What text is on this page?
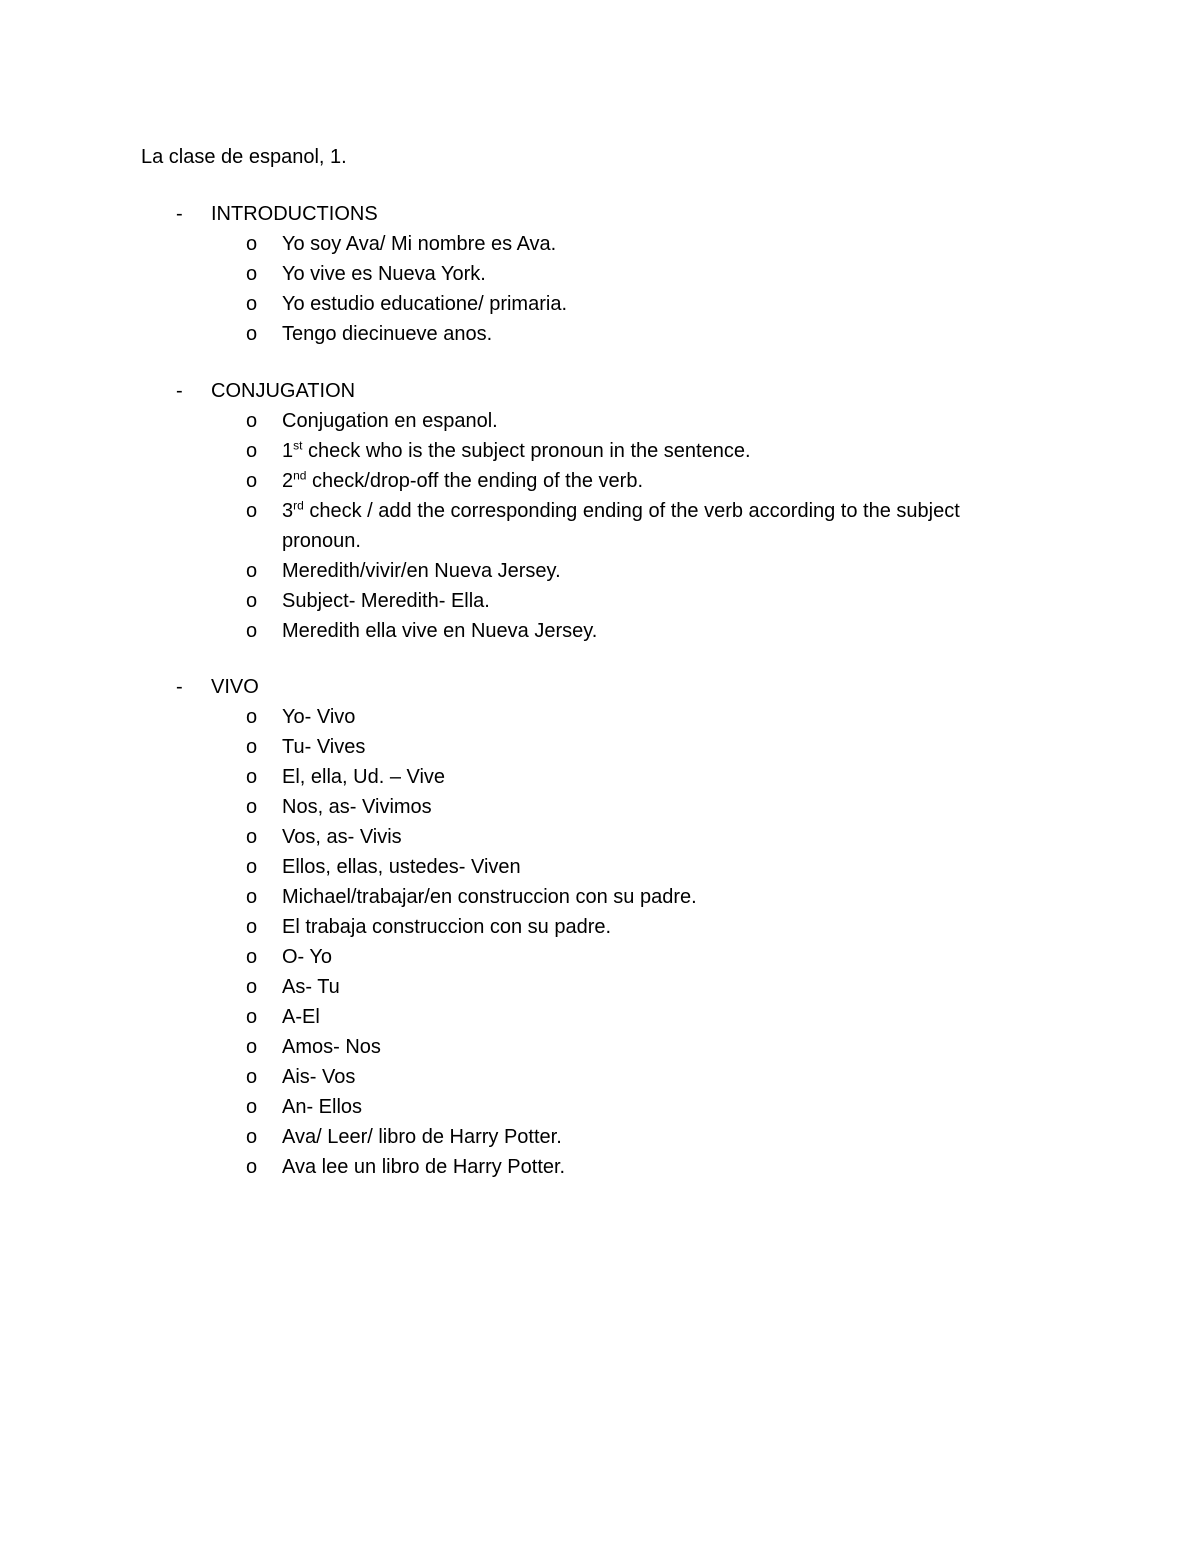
La clase de espanol, 1.
- INTRODUCTIONS
o Yo soy Ava/ Mi nombre es Ava.
o Yo vive es Nueva York.
o Yo estudio educatione/ primaria.
o Tengo diecinueve anos.
- CONJUGATION
o Conjugation en espanol.
o 1st check who is the subject pronoun in the sentence.
o 2nd check/drop-off the ending of the verb.
o 3rd check / add the corresponding ending of the verb according to the subject pronoun.
o Meredith/vivir/en Nueva Jersey.
o Subject- Meredith- Ella.
o Meredith ella vive en Nueva Jersey.
- VIVO
o Yo- Vivo
o Tu- Vives
o El, ella, Ud. – Vive
o Nos, as- Vivimos
o Vos, as- Vivis
o Ellos, ellas, ustedes- Viven
o Michael/trabajar/en construccion con su padre.
o El trabaja construccion con su padre.
o O- Yo
o As- Tu
o A-El
o Amos- Nos
o Ais- Vos
o An- Ellos
o Ava/ Leer/ libro de Harry Potter.
o Ava lee un libro de Harry Potter.
